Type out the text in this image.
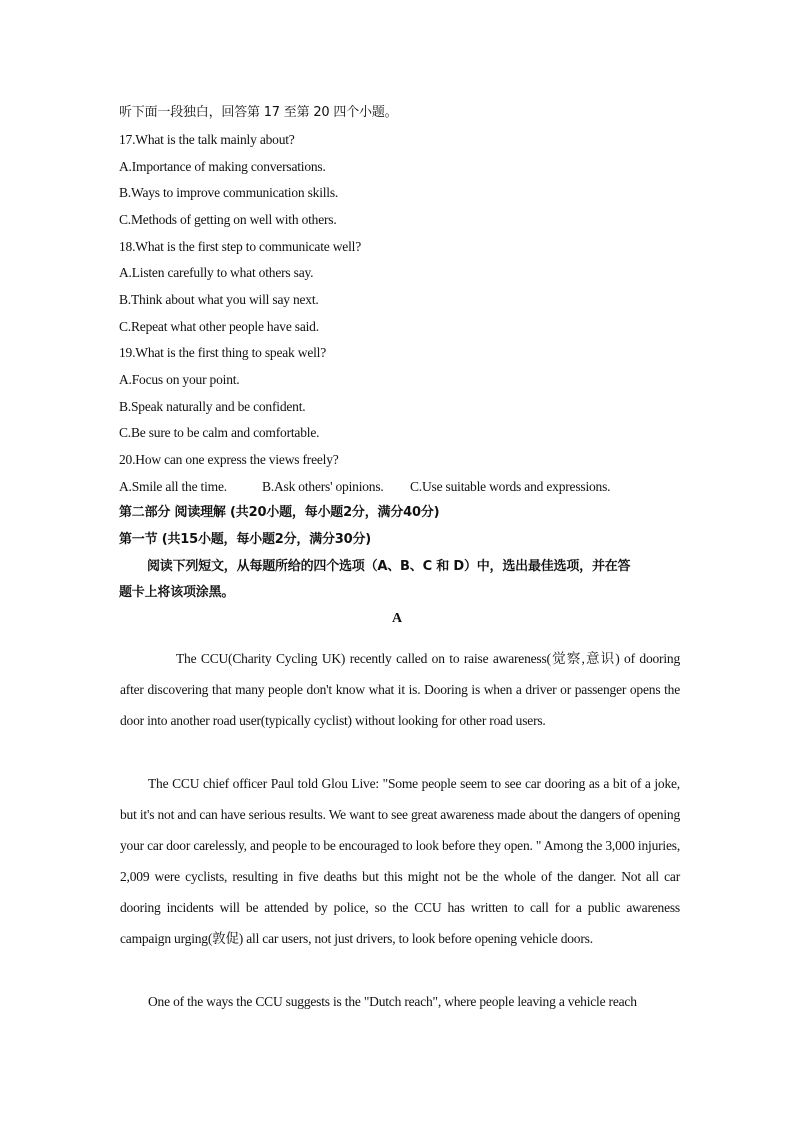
听下面一段独白，回答第 17 至第 20 四个小题。
17.What is the talk mainly about?
A.Importance of making conversations.
B.Ways to improve communication skills.
C.Methods of getting on well with others.
18.What is the first step to communicate well?
A.Listen carefully to what others say.
B.Think about what you will say next.
C.Repeat what other people have said.
19.What is the first thing to speak well?
A.Focus on your point.
B.Speak naturally and be confident.
C.Be sure to be calm and comfortable.
20.How can one express the views freely?
A.Smile all the time.	B.Ask others' opinions. C.Use suitable words and expressions.
第二部分 阅读理解 (共20小题，每小题2分，满分40分)
第一节 (共15小题，每小题2分，满分30分)
阅读下列短文，从每题所给的四个选项（A、B、C 和 D）中，选出最佳选项，并在答
题卡上将该项涂黑。
A
The CCU(Charity Cycling UK) recently called on to raise awareness(觉察,意识) of dooring after discovering that many people don't know what it is. Dooring is when a driver or passenger opens the door into another road user(typically cyclist) without looking for other road users.
The CCU chief officer Paul told Glou Live: "Some people seem to see car dooring as a bit of a joke, but it's not and can have serious results. We want to see great awareness made about the dangers of opening your car door carelessly, and people to be encouraged to look before they open. " Among the 3,000 injuries, 2,009 were cyclists, resulting in five deaths but this might not be the whole of the danger. Not all car dooring incidents will be attended by police, so the CCU has written to call for a public awareness campaign urging(敦促) all car users, not just drivers, to look before opening vehicle doors.
One of the ways the CCU suggests is the "Dutch reach", where people leaving a vehicle reach
